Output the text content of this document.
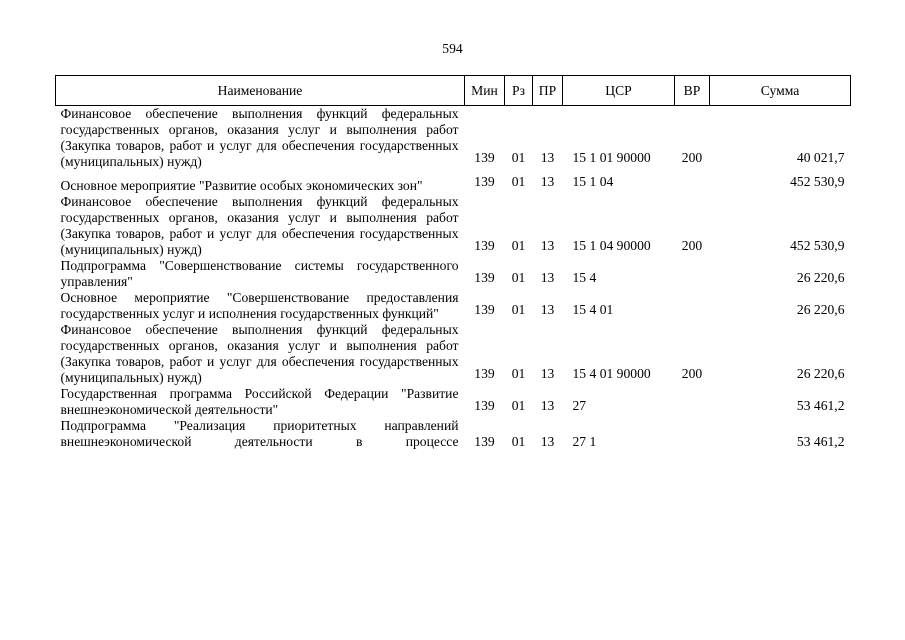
594
Наименование	Мин	Рз	ПР	ЦСР	ВР	Сумма

Финансовое обеспечение выполнения функций федеральных государственных органов, оказания услуг и выполнения работ (Закупка товаров, работ и услуг для обеспечения государственных (муниципальных) нужд)	139	01	13	15 1 01 90000	200	40 021,7

Основное мероприятие "Развитие особых экономических зон"	139	01	13	15 1 04		452 530,9

Финансовое обеспечение выполнения функций федеральных государственных органов, оказания услуг и выполнения работ (Закупка товаров, работ и услуг для обеспечения государственных (муниципальных) нужд)	139	01	13	15 1 04 90000	200	452 530,9

Подпрограмма "Совершенствование системы государственного управления"	139	01	13	15 4		26 220,6

Основное мероприятие "Совершенствование предоставления государственных услуг и исполнения государственных функций"	139	01	13	15 4 01		26 220,6

Финансовое обеспечение выполнения функций федеральных государственных органов, оказания услуг и выполнения работ (Закупка товаров, работ и услуг для обеспечения государственных (муниципальных) нужд)	139	01	13	15 4 01 90000	200	26 220,6

Государственная программа Российской Федерации "Развитие внешнеэкономической деятельности"	139	01	13	27		53 461,2

Подпрограмма "Реализация приоритетных направлений внешнеэкономической деятельности в процессе	139	01	13	27 1		53 461,2
